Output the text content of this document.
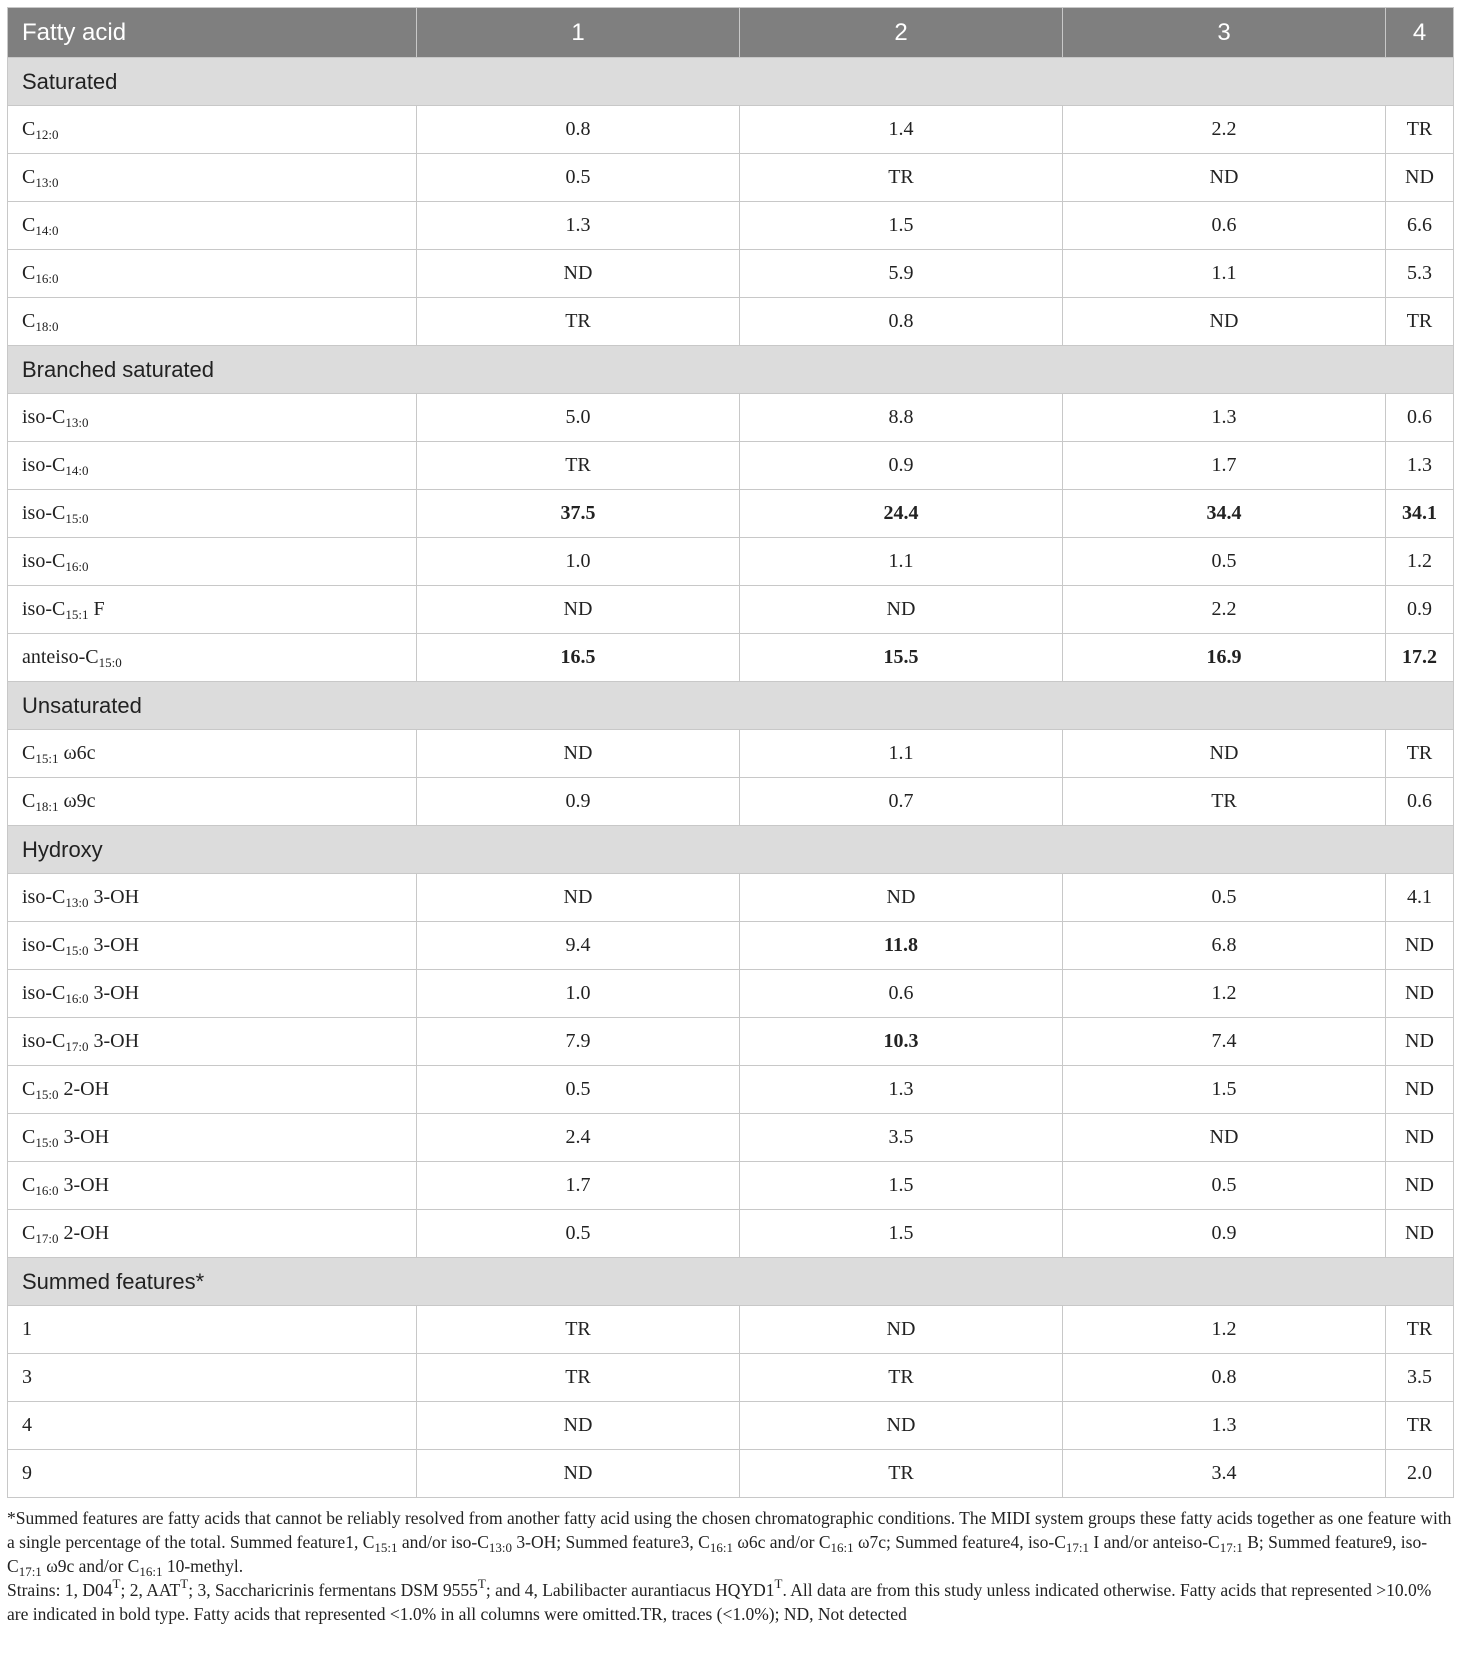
Fatty acid	1	2	3	4
Saturated				
$C_{12:0}$	0.8	1.4	2.2	TR
$C_{13:0}$	0.5	TR	ND	ND
$C_{14:0}$	1.3	1.5	0.6	6.6
$C_{16:0}$	ND	5.9	1.1	5.3
$C_{18:0}$	TR	0.8	ND	TR
Branched saturated				
iso-$C_{13:0}$	5.0	8.8	1.3	0.6
iso-$C_{14:0}$	TR	0.9	1.7	1.3
iso-$C_{15:0}$	37.5	24.4	34.4	34.1
iso-$C_{16:0}$	1.0	1.1	0.5	1.2
iso-$C_{15:1}$ F	ND	ND	2.2	0.9
anteiso-$C_{15:0}$	16.5	15.5	16.9	17.2
Unsaturated				
$C_{15:1}$ ω6c	ND	1.1	ND	TR
$C_{18:1}$ ω9c	0.9	0.7	TR	0.6
Hydroxy				
iso-$C_{13:0}$ 3-OH	ND	ND	0.5	4.1
iso-$C_{15:0}$ 3-OH	9.4	11.8	6.8	ND
iso-$C_{16:0}$ 3-OH	1.0	0.6	1.2	ND
iso-$C_{17:0}$ 3-OH	7.9	10.3	7.4	ND
$C_{15:0}$ 2-OH	0.5	1.3	1.5	ND
$C_{15:0}$ 3-OH	2.4	3.5	ND	ND
$C_{16:0}$ 3-OH	1.7	1.5	0.5	ND
$C_{17:0}$ 2-OH	0.5	1.5	0.9	ND
Summed features*				
1	TR	ND	1.2	TR
3	TR	TR	0.8	3.5
4	ND	ND	1.3	TR
9	ND	TR	3.4	2.0

*Summed features are fatty acids that cannot be reliably resolved from another fatty acid using the chosen chromatographic conditions. The MIDI system groups these fatty acids together as one feature with a single percentage of the total. Summed feature1, $C_{15:1}$ and/or iso-$C_{13:0}$ 3-OH; Summed feature3, $C_{16:1}$ ω6c and/or $C_{16:1}$ ω7c; Summed feature4, iso-$C_{17:1}$ I and/or anteiso-$C_{17:1}$ B; Summed feature9, iso-$C_{17:1}$ ω9c and/or $C_{16:1}$ 10-methyl.

Strains: 1, $D04^T$; 2, $AAT^T$; 3, Saccharicrinis fermentans DSM $9555^T$; and 4, Labilibacter aurantiacus $HQYD1^T$. All data are from this study unless indicated otherwise. Fatty acids that represented >10.0% are indicated in bold type. Fatty acids that represented <1.0% in all columns were omitted.TR, traces (<1.0%); ND, Not detected
